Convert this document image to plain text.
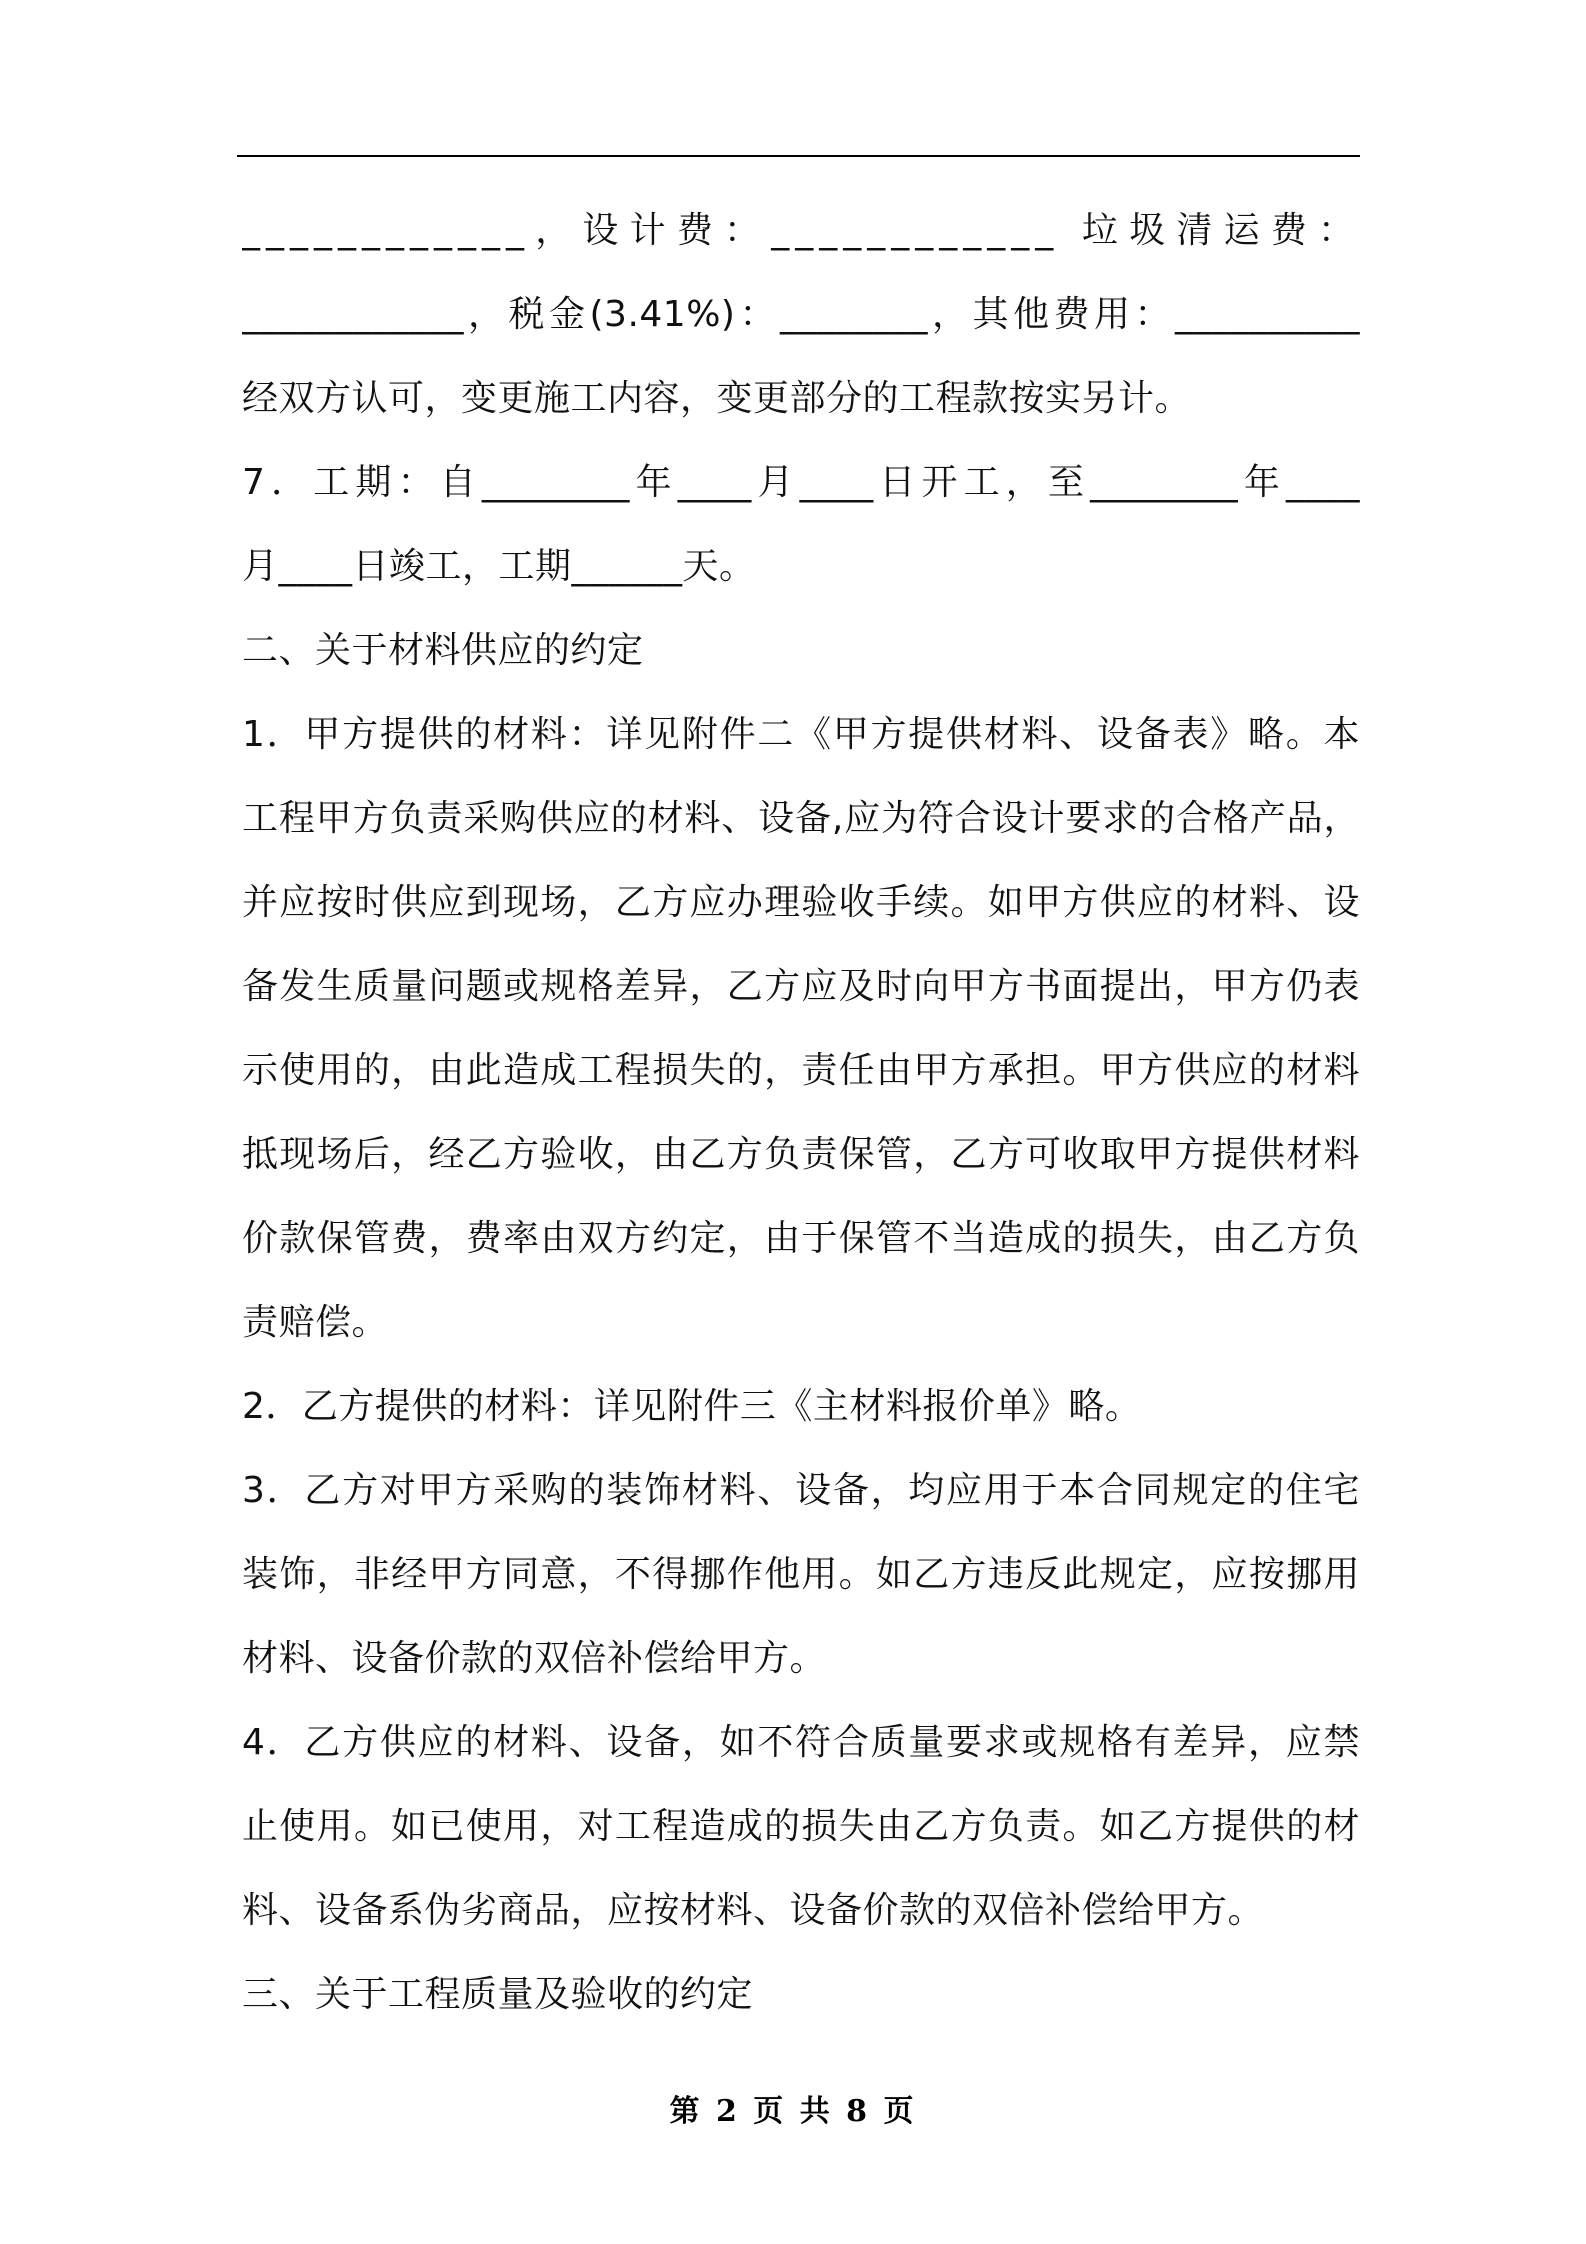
____________，设计费：____________ 垃圾清运费：
____________，税金(3.41%)：________，其他费用：__________
经双方认可，变更施工内容，变更部分的工程款按实另计。
7．工期：自________年____月____日开工，至________年____
月____日竣工，工期______天。
二、关于材料供应的约定
1．甲方提供的材料：详见附件二《甲方提供材料、设备表》略。本
工程甲方负责采购供应的材料、设备,应为符合设计要求的合格产品，
并应按时供应到现场，乙方应办理验收手续。如甲方供应的材料、设
备发生质量问题或规格差异，乙方应及时向甲方书面提出，甲方仍表
示使用的，由此造成工程损失的，责任由甲方承担。甲方供应的材料
抵现场后，经乙方验收，由乙方负责保管，乙方可收取甲方提供材料
价款保管费，费率由双方约定，由于保管不当造成的损失，由乙方负
责赔偿。
2．乙方提供的材料：详见附件三《主材料报价单》略。
3．乙方对甲方采购的装饰材料、设备，均应用于本合同规定的住宅
装饰，非经甲方同意，不得挪作他用。如乙方违反此规定，应按挪用
材料、设备价款的双倍补偿给甲方。
4．乙方供应的材料、设备，如不符合质量要求或规格有差异，应禁
止使用。如已使用，对工程造成的损失由乙方负责。如乙方提供的材
料、设备系伪劣商品，应按材料、设备价款的双倍补偿给甲方。
三、关于工程质量及验收的约定
第 2 页 共 8 页
